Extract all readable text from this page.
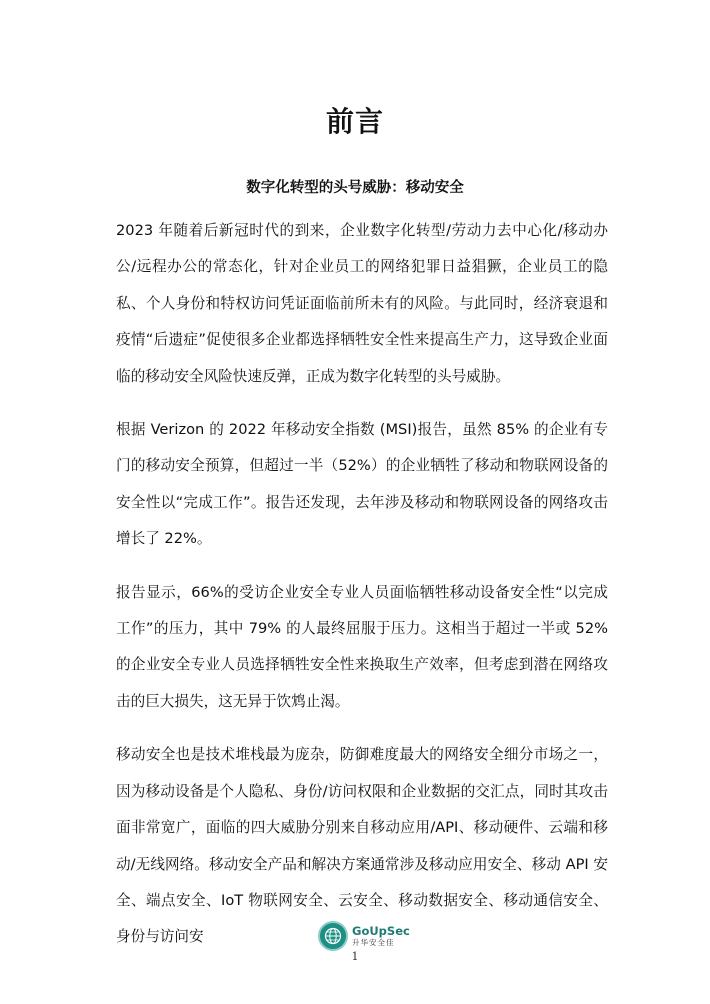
前言
数字化转型的头号威胁：移动安全

2023 年随着后新冠时代的到来，企业数字化转型/劳动力去中心化/移动办公/远程办公的常态化，针对企业员工的网络犯罪日益猖獗，企业员工的隐私、个人身份和特权访问凭证面临前所未有的风险。与此同时，经济衰退和疫情“后遗症”促使很多企业都选择牺牲安全性来提高生产力，这导致企业面临的移动安全风险快速反弹，正成为数字化转型的头号威胁。

根据 Verizon 的 2022 年移动安全指数 (MSI)报告，虽然 85% 的企业有专门的移动安全预算，但超过一半（52%）的企业牺牲了移动和物联网设备的安全性以“完成工作”。报告还发现，去年涉及移动和物联网设备的网络攻击增长了 22%。

报告显示，66%的受访企业安全专业人员面临牺牲移动设备安全性“以完成工作”的压力，其中 79% 的人最终屈服于压力。这相当于超过一半或 52% 的企业安全专业人员选择牺牲安全性来换取生产效率，但考虑到潜在网络攻击的巨大损失，这无异于饮鸩止渴。

移动安全也是技术堆栈最为庞杂，防御难度最大的网络安全细分市场之一，因为移动设备是个人隐私、身份/访问权限和企业数据的交汇点，同时其攻击面非常宽广，面临的四大威胁分别来自移动应用/API、移动硬件、云端和移动/无线网络。移动安全产品和解决方案通常涉及移动应用安全、移动 API 安全、端点安全、IoT 物联网安全、云安全、移动数据安全、移动通信安全、身份与访问安	GoUpSec
升华安全佳
1
